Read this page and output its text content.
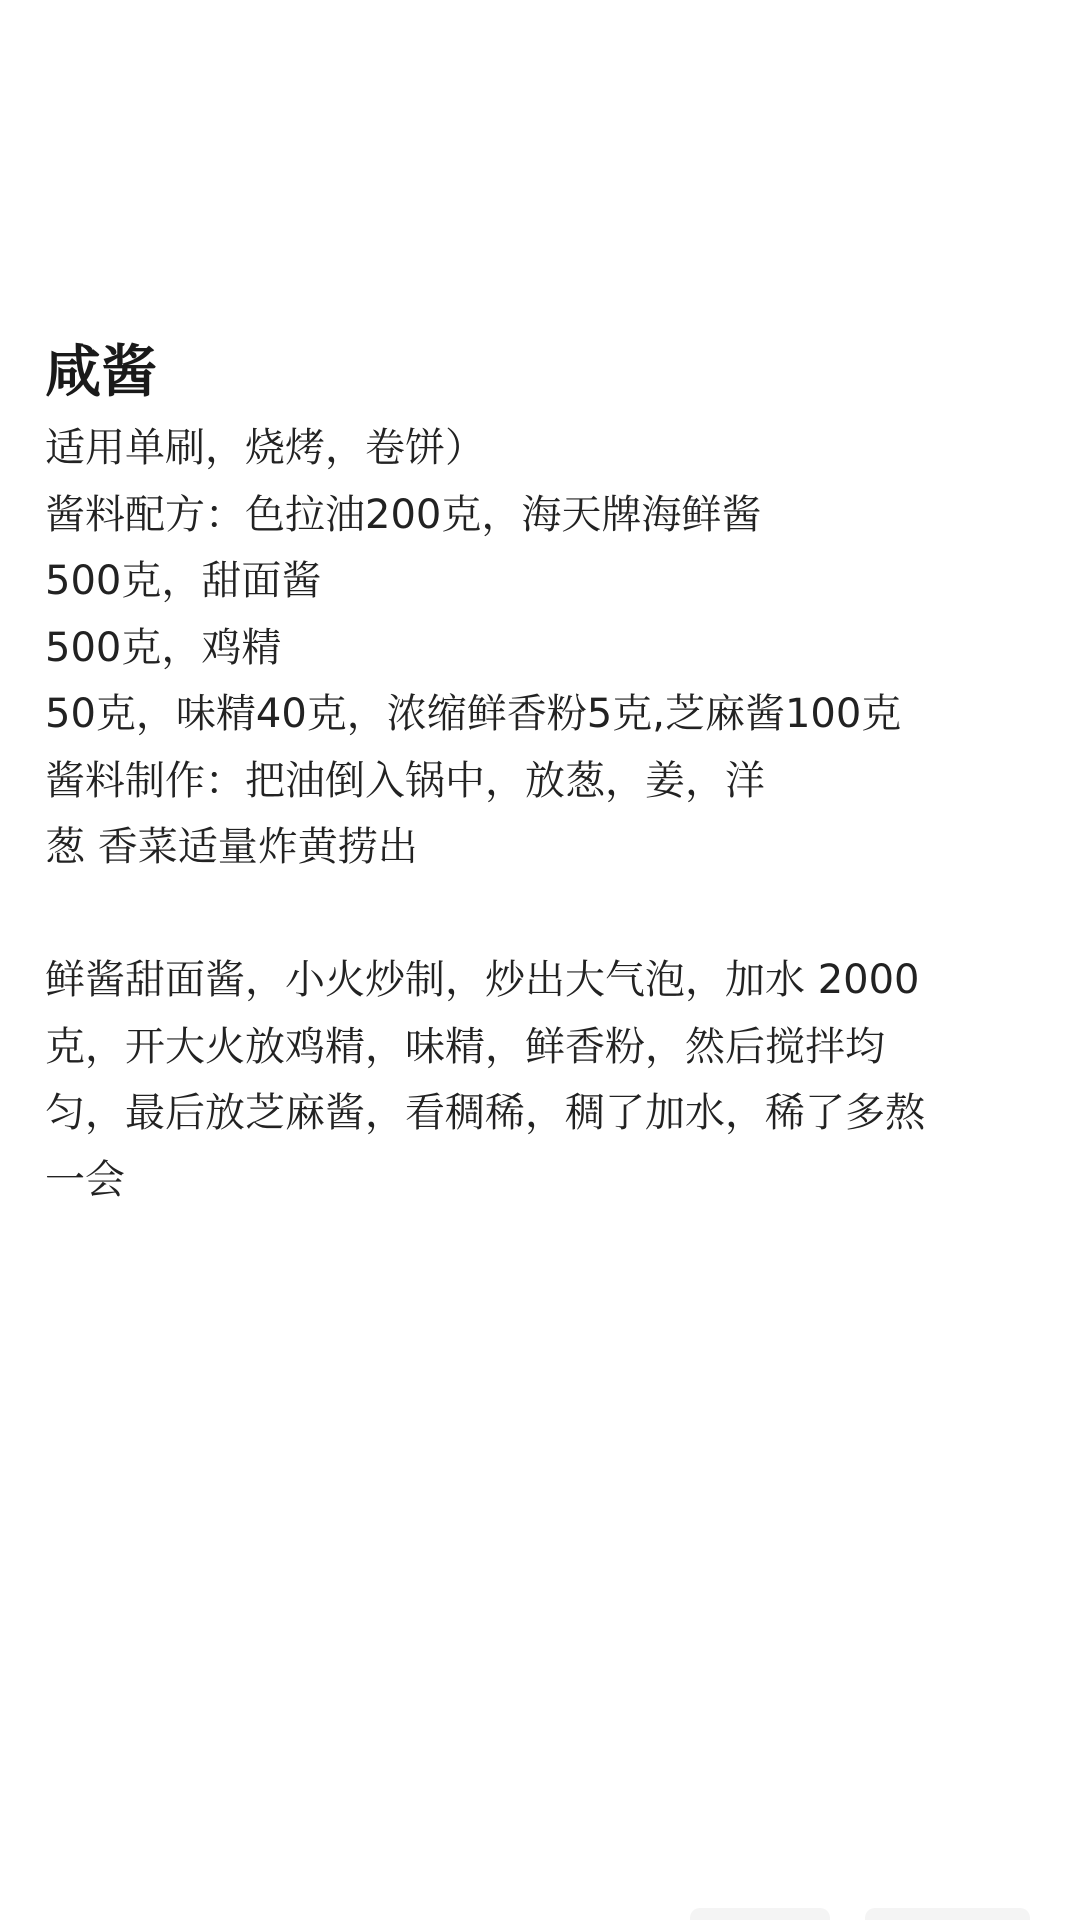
咸酱

适用单刷，烧烤，卷饼）

酱料配方：色拉油200克，海天牌海鲜酱

500克，甜面酱

500克，鸡精

50克，味精40克，浓缩鲜香粉5克,芝麻酱100克

酱料制作：把油倒入锅中，放葱，姜，洋

葱 香菜适量炸黄捞出

鲜酱甜面酱，小火炒制，炒出大气泡，加水 2000

克，开大火放鸡精，味精，鲜香粉，然后搅拌均

匀，最后放芝麻酱，看稠稀，稠了加水，稀了多熬

一会
